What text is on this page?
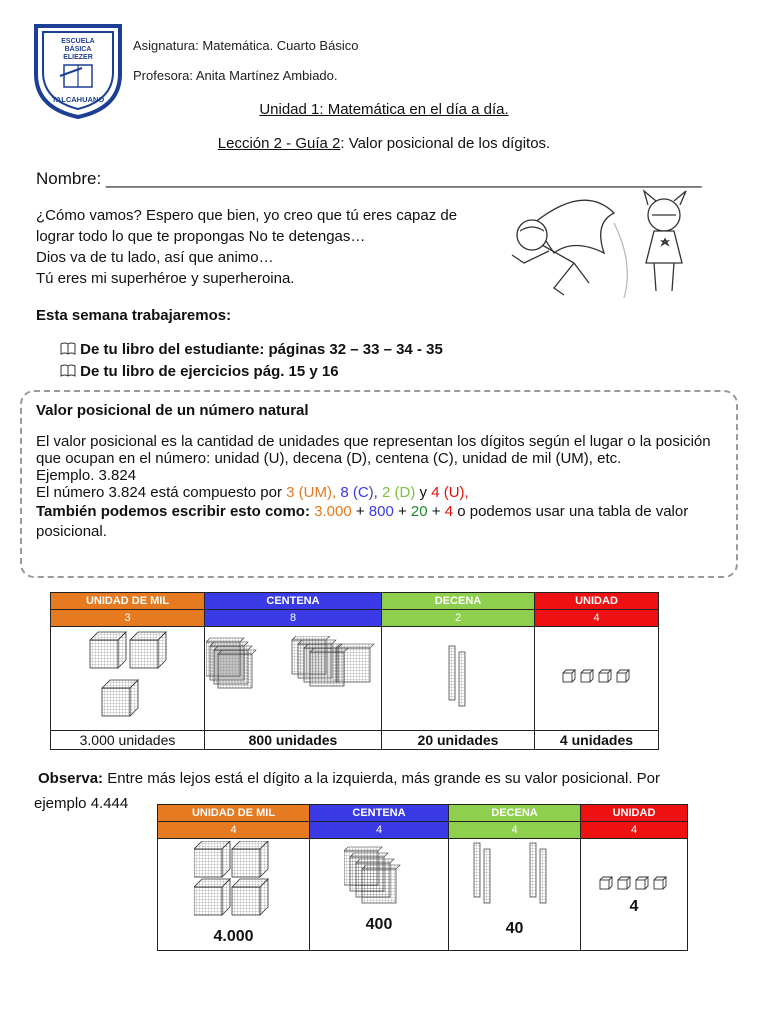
ESCUELA
BÁSICA
ELIEZER
TALCAHUANO
Asignatura: Matemática. Cuarto Básico
Profesora: Anita Martínez Ambiado.
Unidad 1: Matemática en el día a día.
Lección 2 - Guía 2: Valor posicional de los dígitos.
Nombre: _______________________________________________________________

¿Cómo vamos? Espero que bien, yo creo que tú eres capaz de

lograr todo lo que te propongas No te detengas…

Dios va de tu lado, así que animo…

Tú eres mi superhéroe y superheroina.

Esta semana trabajaremos:
De tu libro del estudiante: páginas 32 – 33 – 34 - 35
De tu libro de ejercicios pág. 15 y 16

Valor posicional de un número natural

El valor posicional es la cantidad de unidades que representan los dígitos según el lugar o la posición que ocupan en el número: unidad (U), decena (D), centena (C), unidad de mil (UM), etc.

Ejemplo. 3.824

El número 3.824 está compuesto por 3 (UM), 8 (C), 2 (D) y 4 (U),

También podemos escribir esto como: 3.000 + 800 + 20 + 4 o podemos usar una tabla de valor

posicional.

UNIDAD DE MIL	CENTENA	DECENA	UNIDAD
3	8	2	4

3.000 unidades	800 unidades	20 unidades	4 unidades
Observa: Entre más lejos está el dígito a la izquierda, más grande es su valor posicional. Por
ejemplo 4.444
UNIDAD DE MIL	CENTENA	DECENA	UNIDAD
4	4	4	4

4.000	400	40	4
